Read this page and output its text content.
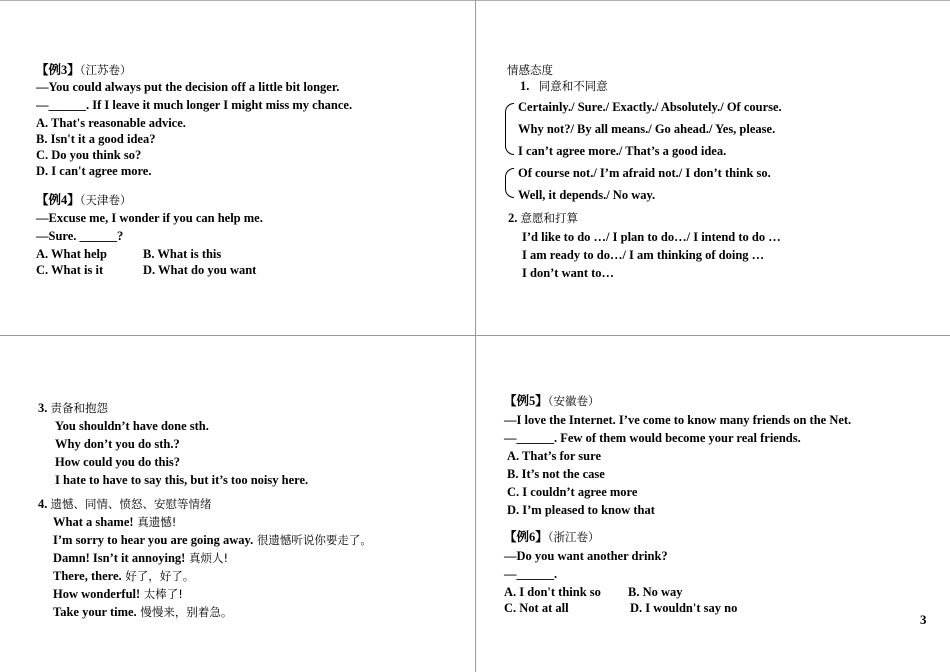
【例3】（江苏卷）
—You could always put the decision off a little bit longer.
—______. If I leave it much longer I might miss my chance.
A. That's reasonable advice.
B. Isn't it a good idea?
C. Do you think so?
D. I can't agree more.
【例4】（天津卷）
—Excuse me, I wonder if you can help me.
—Sure. ______?
A. What help	B. What is this
C. What is it	D. What do you want
情感态度
1. 同意和不同意
Certainly./ Sure./ Exactly./ Absolutely./ Of course.
Why not?/ By all means./ Go ahead./ Yes, please.
I can’t agree more./ That’s a good idea.
Of course not./ I’m afraid not./ I don’t think so.
Well, it depends./ No way.
2. 意愿和打算
I’d like to do …/ I plan to do…/ I intend to do …
I am ready to do…/ I am thinking of doing …
I don’t want to…
3. 责备和抱怨
You shouldn’t have done sth.
Why don’t you do sth.?
How could you do this?
I hate to have to say this, but it’s too noisy here.
4. 遗憾、同情、愤怒、安慰等情绪
What a shame! 真遗憾!
I’m sorry to hear you are going away. 很遗憾听说你要走了。
Damn! Isn’t it annoying! 真烦人!
There, there. 好了，好了。
How wonderful! 太棒了!
Take your time. 慢慢来，别着急。
【例5】（安徽卷）
—I love the Internet. I’ve come to know many friends on the Net.
—______. Few of them would become your real friends.
A. That’s for sure
B. It’s not the case
C. I couldn’t agree more
D. I’m pleased to know that
【例6】（浙江卷）
—Do you want another drink?
—______.
A. I don't think so B. No way
C. Not at all	D. I wouldn't say no
3
